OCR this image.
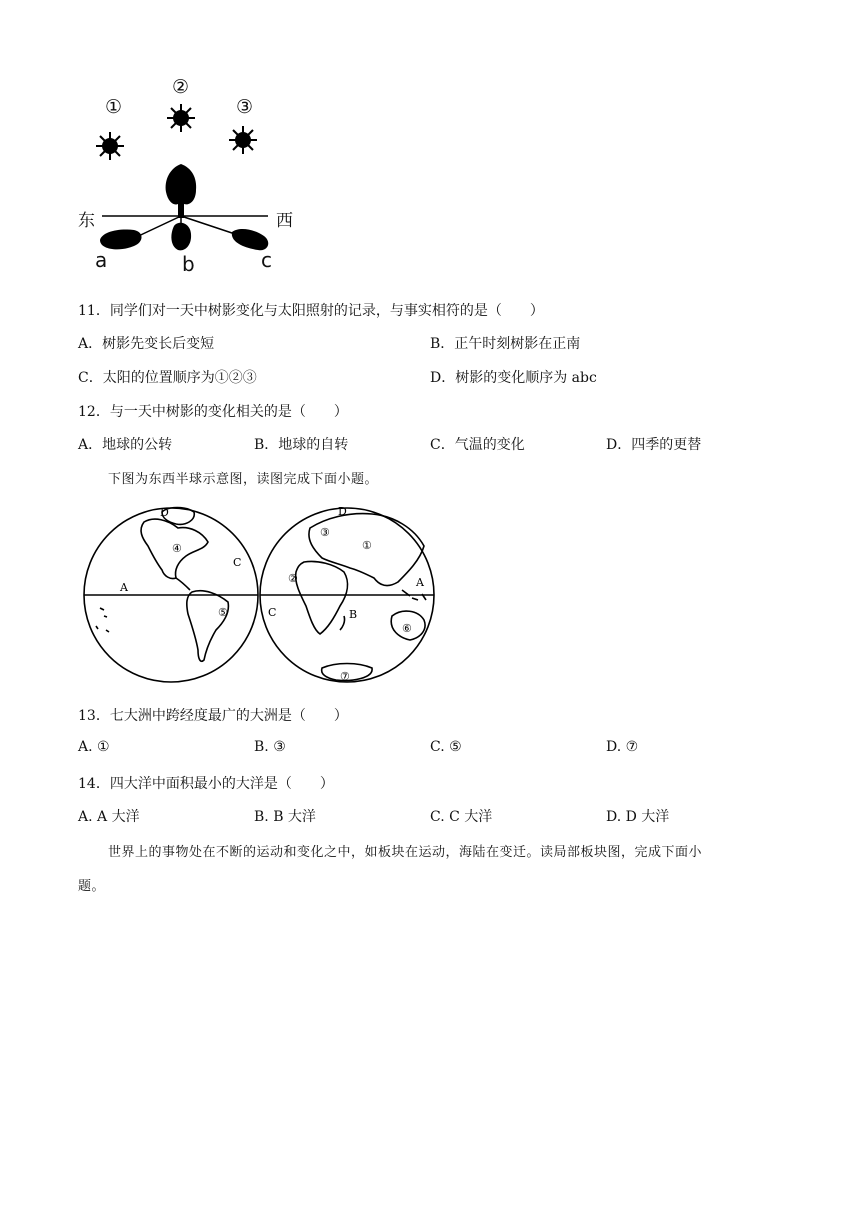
①
②
③
东	西
a	b	c
11．同学们对一天中树影变化与太阳照射的记录，与事实相符的是（　　）
A．树影先变长后变短	B．正午时刻树影在正南
C．太阳的位置顺序为①②③	D．树影的变化顺序为 abc
12．与一天中树影的变化相关的是（　　）
A．地球的公转	B．地球的自转	C．气温的变化	D．四季的更替
下图为东西半球示意图，读图完成下面小题。
D
④
C
A
⑤
D
③
①
②	A
C	B
⑥
⑦
13．七大洲中跨经度最广的大洲是（　　）
A. ①	B. ③	C. ⑤	D. ⑦
14．四大洋中面积最小的大洋是（　　）
A. A 大洋	B. B 大洋	C. C 大洋	D. D 大洋
世界上的事物处在不断的运动和变化之中，如板块在运动，海陆在变迁。读局部板块图，完成下面小
题。
